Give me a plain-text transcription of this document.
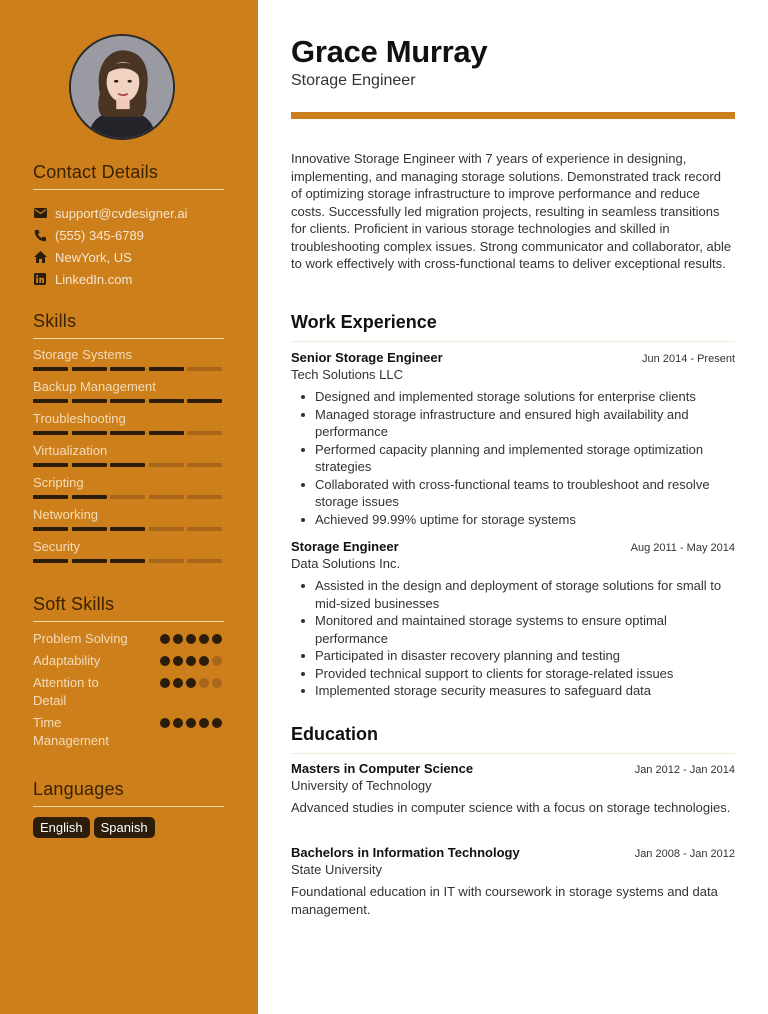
Contact Details
support@cvdesigner.ai
(555) 345-6789
NewYork, US
LinkedIn.com
Skills
Storage Systems
Backup Management
Troubleshooting
Virtualization
Scripting
Networking
Security
Soft Skills
Problem Solving
Adaptability
Attention to Detail
Time Management
Languages
English	Spanish
Grace Murray
Storage Engineer

Innovative Storage Engineer with 7 years of experience in designing, implementing, and managing storage solutions. Demonstrated track record of optimizing storage infrastructure to improve performance and reduce costs. Successfully led migration projects, resulting in seamless transitions for clients. Proficient in various storage technologies and skilled in troubleshooting complex issues. Strong communicator and collaborator, able to work effectively with cross-functional teams to deliver exceptional results.

Work Experience
Senior Storage Engineer	Jun 2014 - Present
Tech Solutions LLC
Designed and implemented storage solutions for enterprise clients
Managed storage infrastructure and ensured high availability and performance
Performed capacity planning and implemented storage optimization strategies
Collaborated with cross-functional teams to troubleshoot and resolve storage issues
Achieved 99.99% uptime for storage systems
Storage Engineer	Aug 2011 - May 2014
Data Solutions Inc.
Assisted in the design and deployment of storage solutions for small to mid-sized businesses
Monitored and maintained storage systems to ensure optimal performance
Participated in disaster recovery planning and testing
Provided technical support to clients for storage-related issues
Implemented storage security measures to safeguard data
Education
Masters in Computer Science	Jan 2012 - Jan 2014
University of Technology

Advanced studies in computer science with a focus on storage technologies.

Bachelors in Information Technology	Jan 2008 - Jan 2012
State University

Foundational education in IT with coursework in storage systems and data management.
